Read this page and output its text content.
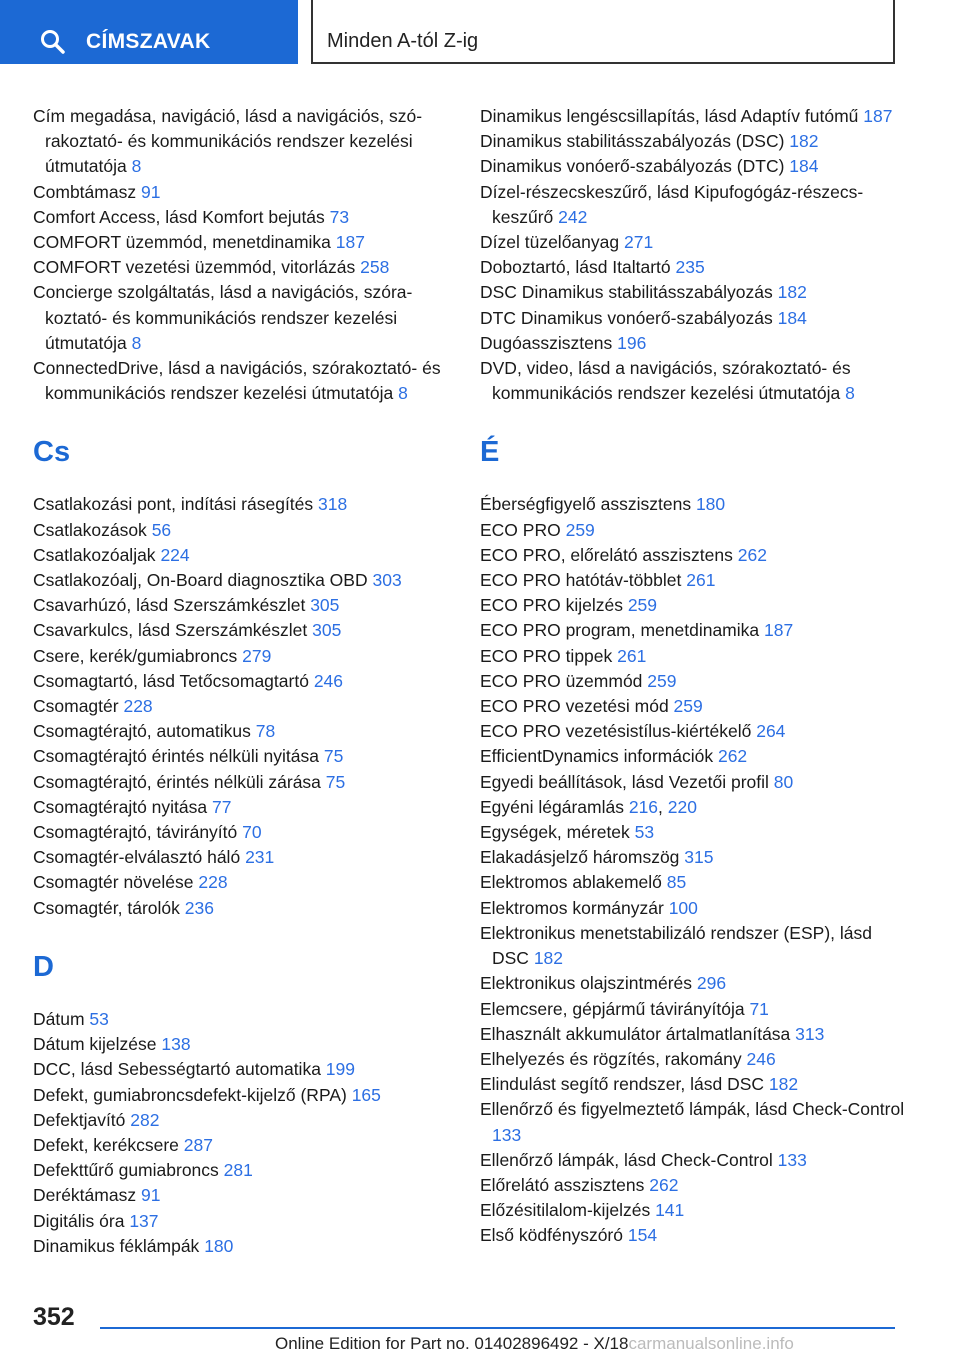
CÍMSZAVAK	Minden A-tól Z-ig
Cím megadása, navigáció, lásd a navigációs, szórakoztató- és kommunikációs rendszer kezelési útmutatója 8
Combtámasz 91
Comfort Access, lásd Komfort bejutás 73
COMFORT üzemmód, menetdinamika 187
COMFORT vezetési üzemmód, vitorlázás 258
Concierge szolgáltatás, lásd a navigációs, szórakoztató- és kommunikációs rendszer kezelési útmutatója 8
ConnectedDrive, lásd a navigációs, szórakoztató- és kommunikációs rendszer kezelési útmutatója 8
Cs
Csatlakozási pont, indítási rásegítés 318
Csatlakozások 56
Csatlakozóaljak 224
Csatlakozóalj, On-Board diagnosztika OBD 303
Csavarhúzó, lásd Szerszámkészlet 305
Csavarkulcs, lásd Szerszámkészlet 305
Csere, kerék/gumiabroncs 279
Csomagtartó, lásd Tetőcsomagtartó 246
Csomagtér 228
Csomagtérajtó, automatikus 78
Csomagtérajtó érintés nélküli nyitása 75
Csomagtérajtó, érintés nélküli zárása 75
Csomagtérajtó nyitása 77
Csomagtérajtó, távirányító 70
Csomagtér-elválasztó háló 231
Csomagtér növelése 228
Csomagtér, tárolók 236
D
Dátum 53
Dátum kijelzése 138
DCC, lásd Sebességtartó automatika 199
Defekt, gumiabroncsdefekt-kijelző (RPA) 165
Defektjavító 282
Defekt, kerékcsere 287
Defekttűrő gumiabroncs 281
Deréktámasz 91
Digitális óra 137
Dinamikus féklámpák 180
Dinamikus lengéscsillapítás, lásd Adaptív futómű 187
Dinamikus stabilitásszabályozás (DSC) 182
Dinamikus vonóerő-szabályozás (DTC) 184
Dízel-részecskeszűrő, lásd Kipufogógáz-részecskeszűrő 242
Dízel tüzelőanyag 271
Doboztartó, lásd Italtartó 235
DSC Dinamikus stabilitásszabályozás 182
DTC Dinamikus vonóerő-szabályozás 184
Dugóasszisztens 196
DVD, video, lásd a navigációs, szórakoztató- és kommunikációs rendszer kezelési útmutatója 8
É
Éberségfigyelő asszisztens 180
ECO PRO 259
ECO PRO, előrelátó asszisztens 262
ECO PRO hatótáv-többlet 261
ECO PRO kijelzés 259
ECO PRO program, menetdinamika 187
ECO PRO tippek 261
ECO PRO üzemmód 259
ECO PRO vezetési mód 259
ECO PRO vezetésistílus-kiértékelő 264
EfficientDynamics információk 262
Egyedi beállítások, lásd Vezetői profil 80
Egyéni légáramlás 216, 220
Egységek, méretek 53
Elakadásjelző háromszög 315
Elektromos ablakemelő 85
Elektromos kormányzár 100
Elektronikus menetstabilizáló rendszer (ESP), lásd DSC 182
Elektronikus olajszintmérés 296
Elemcsere, gépjármű távirányítója 71
Elhasznált akkumulátor ártalmatlanítása 313
Elhelyezés és rögzítés, rakomány 246
Elindulást segítő rendszer, lásd DSC 182
Ellenőrző és figyelmeztető lámpák, lásd Check-Control 133
Ellenőrző lámpák, lásd Check-Control 133
Előrelátó asszisztens 262
Előzésitilalom-kijelzés 141
Első ködfényszóró 154
352
Online Edition for Part no. 01402896492 - X/18carmanualsonline.info
